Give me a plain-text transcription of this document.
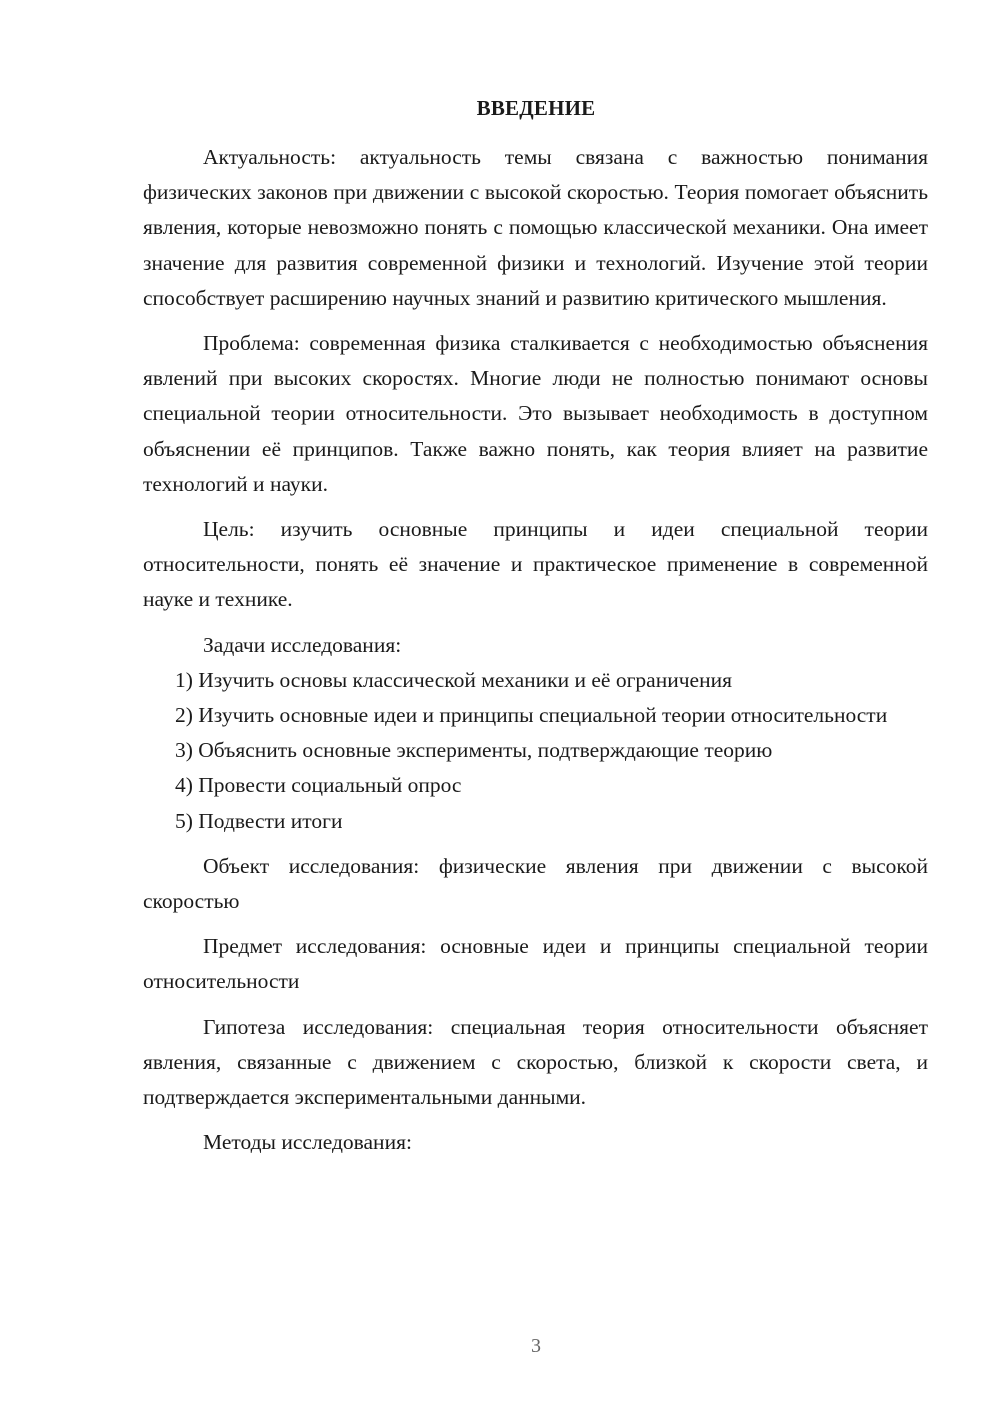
ВВЕДЕНИЕ

Актуальность: актуальность темы связана с важностью понимания физических законов при движении с высокой скоростью. Теория помогает объяснить явления, которые невозможно понять с помощью классической механики. Она имеет значение для развития современной физики и технологий. Изучение этой теории способствует расширению научных знаний и развитию критического мышления.

Проблема: современная физика сталкивается с необходимостью объяснения явлений при высоких скоростях. Многие люди не полностью понимают основы специальной теории относительности. Это вызывает необходимость в доступном объяснении её принципов. Также важно понять, как теория влияет на развитие технологий и науки.

Цель: изучить основные принципы и идеи специальной теории относительности, понять её значение и практическое применение в современной науке и технике.

Задачи исследования:

1) Изучить основы классической механики и её ограничения

2) Изучить основные идеи и принципы специальной теории относительности

3) Объяснить основные эксперименты, подтверждающие теорию

4) Провести социальный опрос

5) Подвести итоги

Объект исследования: физические явления при движении с высокой скоростью

Предмет исследования: основные идеи и принципы специальной теории относительности

Гипотеза исследования: специальная теория относительности объясняет явления, связанные с движением с скоростью, близкой к скорости света, и подтверждается экспериментальными данными.

Методы исследования:

3
